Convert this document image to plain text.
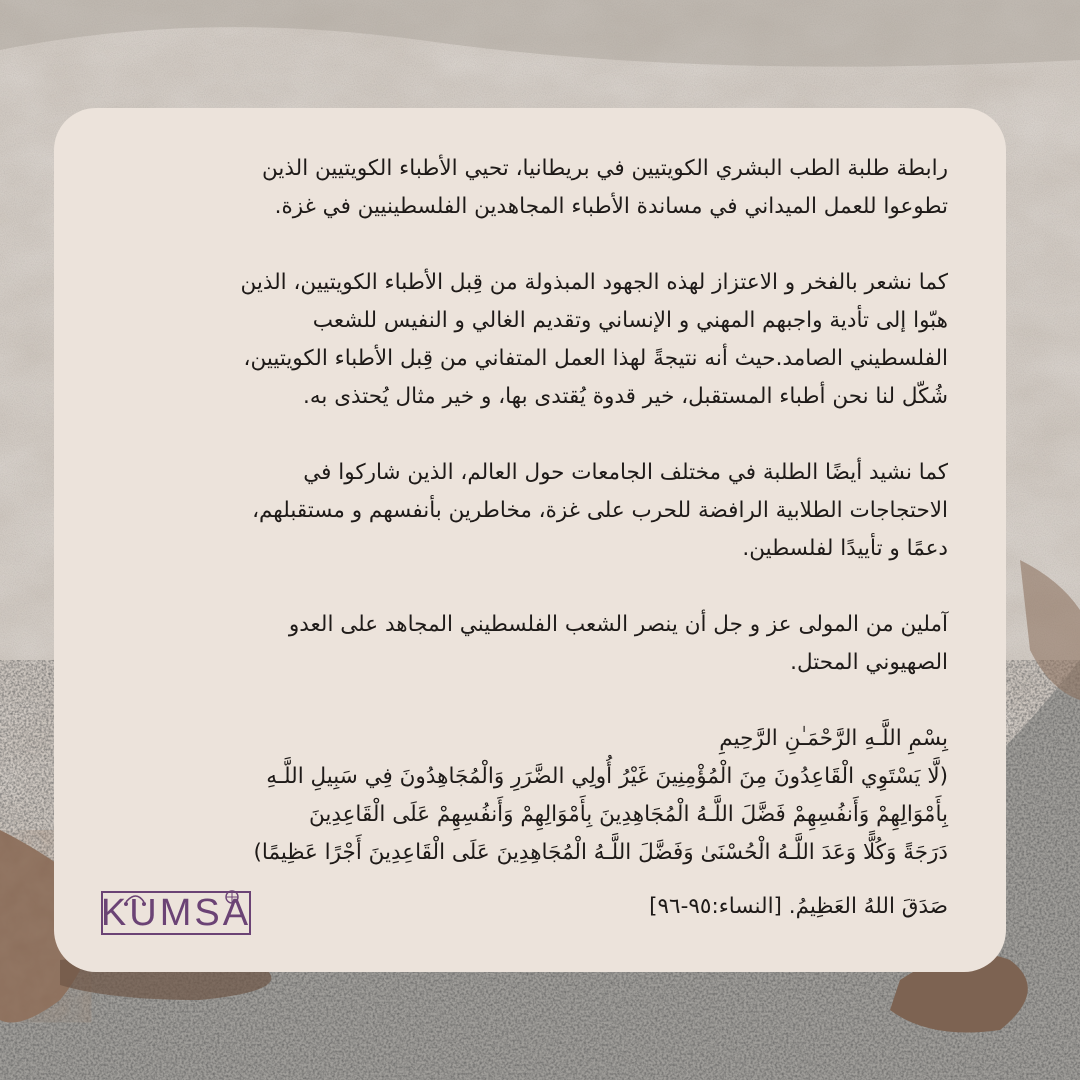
رابطة طلبة الطب البشري الكويتيين في بريطانيا، تحيي الأطباء الكويتيين الذين
تطوعوا للعمل الميداني في مساندة الأطباء المجاهدين الفلسطينيين في غزة.

كما نشعر بالفخر و الاعتزاز لهذه الجهود المبذولة من قِبل الأطباء الكويتيين، الذين
هبّوا إلى تأدية واجبهم المهني و الإنساني وتقديم الغالي و النفيس للشعب
الفلسطيني الصامد.حيث أنه نتيجةً لهذا العمل المتفاني من قِبل الأطباء الكويتيين،
شُكّل لنا نحن أطباء المستقبل، خير قدوة يُقتدى بها، و خير مثال يُحتذى به.

كما نشيد أيضًا الطلبة في مختلف الجامعات حول العالم، الذين شاركوا في
الاحتجاجات الطلابية الرافضة للحرب على غزة، مخاطرين بأنفسهم و مستقبلهم،
دعمًا و تأييدًا لفلسطين.

آملين من المولى عز و جل أن ينصر الشعب الفلسطيني المجاهد على العدو
الصهيوني المحتل.

بِسْمِ اللَّـهِ الرَّحْمَـٰنِ الرَّحِيمِ
(لَّا يَسْتَوِي الْقَاعِدُونَ مِنَ الْمُؤْمِنِينَ غَيْرُ أُولِي الضَّرَرِ وَالْمُجَاهِدُونَ فِي سَبِيلِ اللَّـهِ
بِأَمْوَالِهِمْ وَأَنفُسِهِمْ فَضَّلَ اللَّـهُ الْمُجَاهِدِينَ بِأَمْوَالِهِمْ وَأَنفُسِهِمْ عَلَى الْقَاعِدِينَ
دَرَجَةً وَكُلًّا وَعَدَ اللَّـهُ الْحُسْنَىٰ وَفَضَّلَ اللَّـهُ الْمُجَاهِدِينَ عَلَى الْقَاعِدِينَ أَجْرًا عَظِيمًا)

صَدَقَ اللهُ العَظِيمُ. [النساء:٩٥-٩٦]
KUMSA
